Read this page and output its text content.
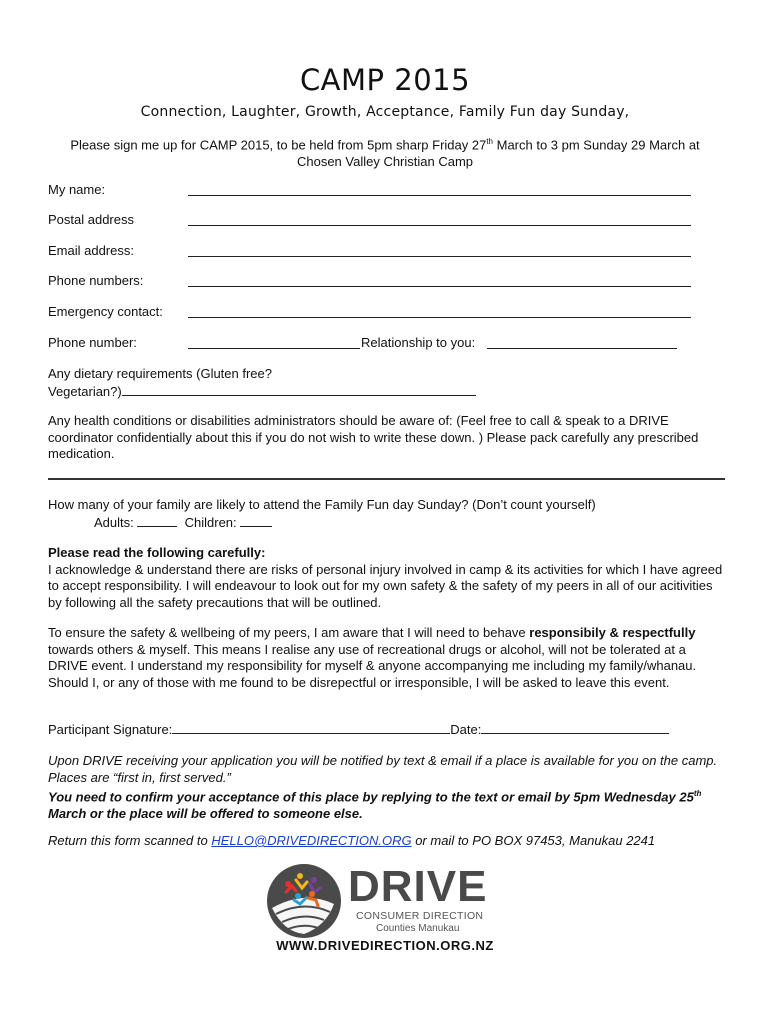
CAMP 2015
Connection, Laughter, Growth, Acceptance, Family Fun day Sunday,
Please sign me up for CAMP 2015, to be held from 5pm sharp Friday 27th March to 3 pm Sunday 29 March at
Chosen Valley Christian Camp
My name:
Postal address
Email address:
Phone numbers:
Emergency contact:
Phone number:	Relationship to you:
Any dietary requirements (Gluten free?
Vegetarian?)
Any health conditions or disabilities administrators should be aware of: (Feel free to call & speak to a DRIVE coordinator confidentially about this if you do not wish to write these down. ) Please pack carefully any prescribed medication.
How many of your family are likely to attend the Family Fun day Sunday? (Don’t count yourself)
Adults:	Children:
Please read the following carefully:
I acknowledge & understand there are risks of personal injury involved in camp & its activities for which I have agreed to accept responsibility. I will endeavour to look out for my own safety & the safety of my peers in all of our acitivities by following all the safety precautions that will be outlined.
To ensure the safety & wellbeing of my peers, I am aware that I will need to behave responsibily & respectfully towards others & myself. This means I realise any use of recreational drugs or alcohol, will not be tolerated at a DRIVE event. I understand my responsibility for myself & anyone accompanying me including my family/whanau. Should I, or any of those with me found to be disrepectful or irresponsible, I will be asked to leave this event.
Participant Signature:	Date:
Upon DRIVE receiving your application you will be notified by text & email if a place is available for you on the camp. Places are “first in, first served.”
You need to confirm your acceptance of this place by replying to the text or email by 5pm Wednesday 25th March or the place will be offered to someone else.
Return this form scanned to HELLO@DRIVEDIRECTION.ORG or mail to PO BOX 97453, Manukau 2241
DRIVE
CONSUMER DIRECTION
Counties Manukau
WWW.DRIVEDIRECTION.ORG.NZ
